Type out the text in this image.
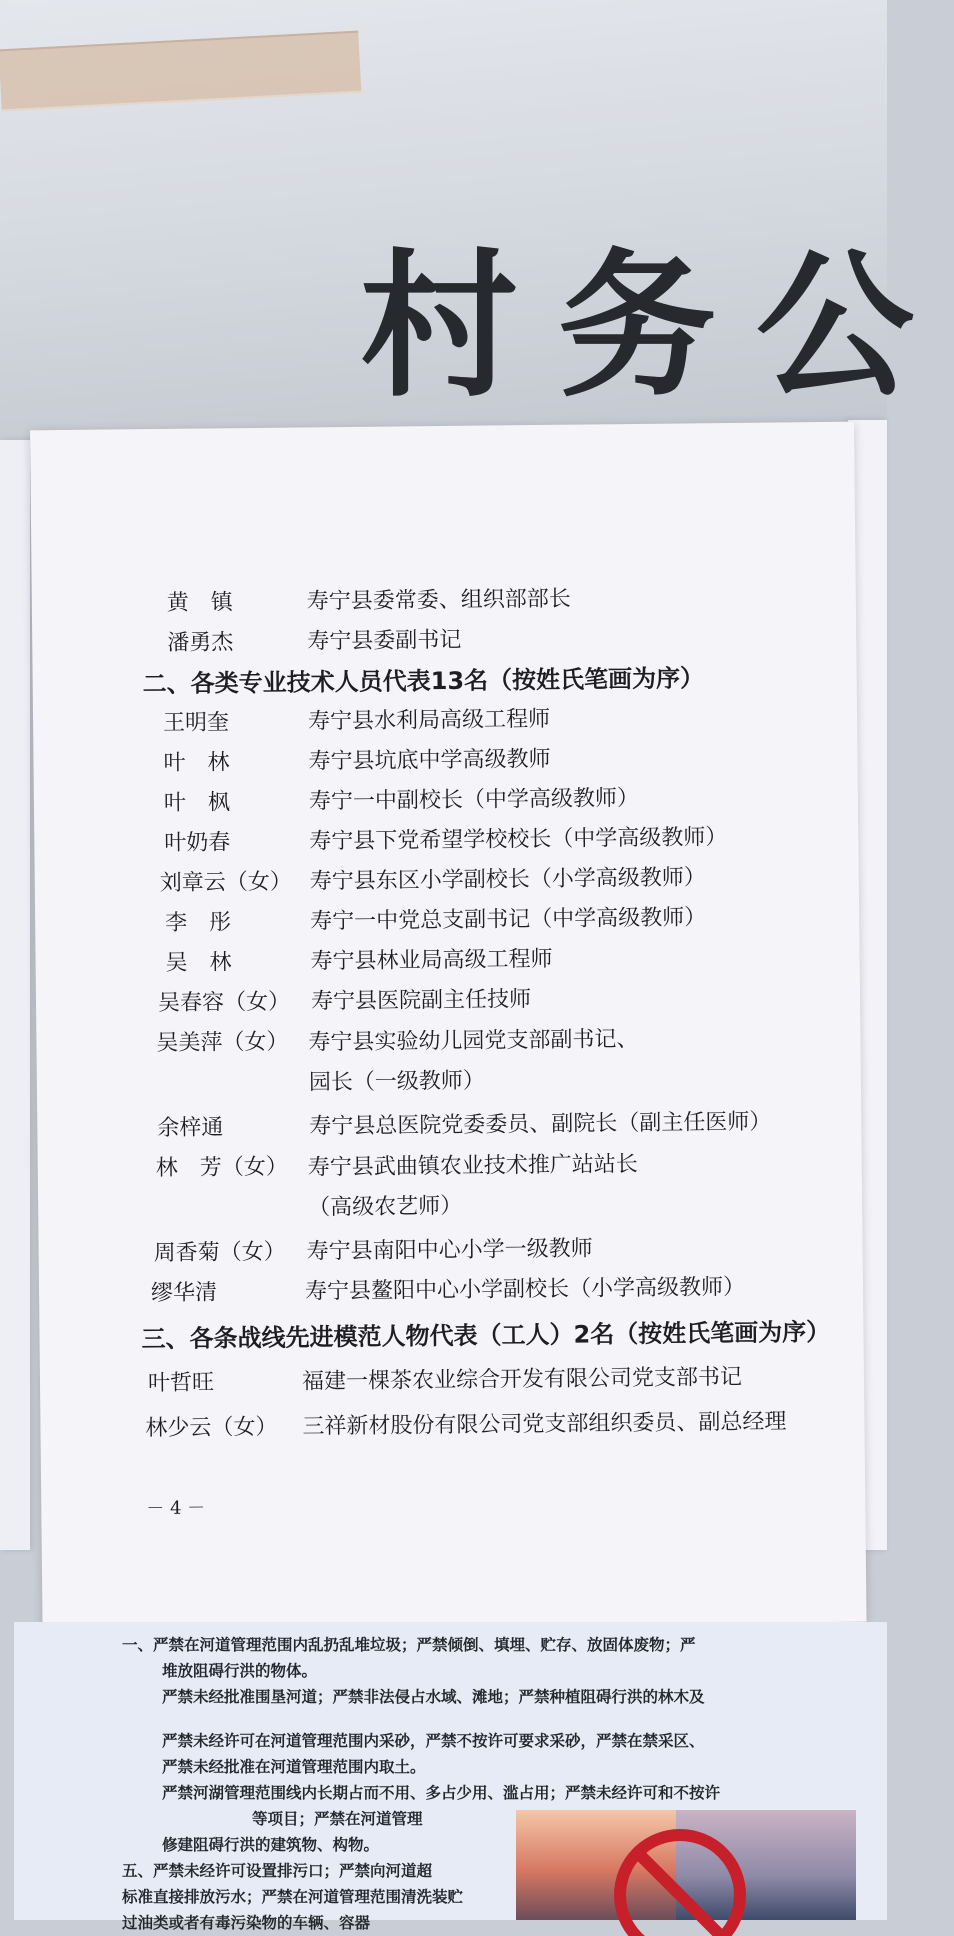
村务公
黄　镇	寿宁县委常委、组织部部长
潘勇杰	寿宁县委副书记
二、各类专业技术人员代表13名（按姓氏笔画为序）
王明奎	寿宁县水利局高级工程师
叶　林	寿宁县坑底中学高级教师
叶　枫	寿宁一中副校长（中学高级教师）
叶奶春	寿宁县下党希望学校校长（中学高级教师）
刘章云（女） 寿宁县东区小学副校长（小学高级教师）
李　彤	寿宁一中党总支副书记（中学高级教师）
吴　林	寿宁县林业局高级工程师
吴春容（女） 寿宁县医院副主任技师
吴美萍（女） 寿宁县实验幼儿园党支部副书记、园长（一级教师）
余梓通	寿宁县总医院党委委员、副院长（副主任医师）
林　芳（女） 寿宁县武曲镇农业技术推广站站长（高级农艺师）
周香菊（女） 寿宁县南阳中心小学一级教师
缪华清	寿宁县鳌阳中心小学副校长（小学高级教师）
三、各条战线先进模范人物代表（工人）2名（按姓氏笔画为序）
叶哲旺	福建一棵茶农业综合开发有限公司党支部书记
林少云（女） 三祥新材股份有限公司党支部组织委员、副总经理
－ 4 －

一、严禁在河道管理范围内乱扔乱堆垃圾；严禁倾倒、填埋、贮存、放固体废物；严

堆放阻碍行洪的物体。

严禁未经批准围垦河道；严禁非法侵占水域、滩地；严禁种植阻碍行洪的林木及

严禁未经许可在河道管理范围内采砂，严禁不按许可要求采砂，严禁在禁采区、

严禁未经批准在河道管理范围内取土。

严禁河湖管理范围线内长期占而不用、多占少用、滥占用；严禁未经许可和不按许

等项目；严禁在河道管理

修建阻碍行洪的建筑物、构物。

五、严禁未经许可设置排污口；严禁向河道超

标准直接排放污水；严禁在河道管理范围清洗装贮

过油类或者有毒污染物的车辆、容器
